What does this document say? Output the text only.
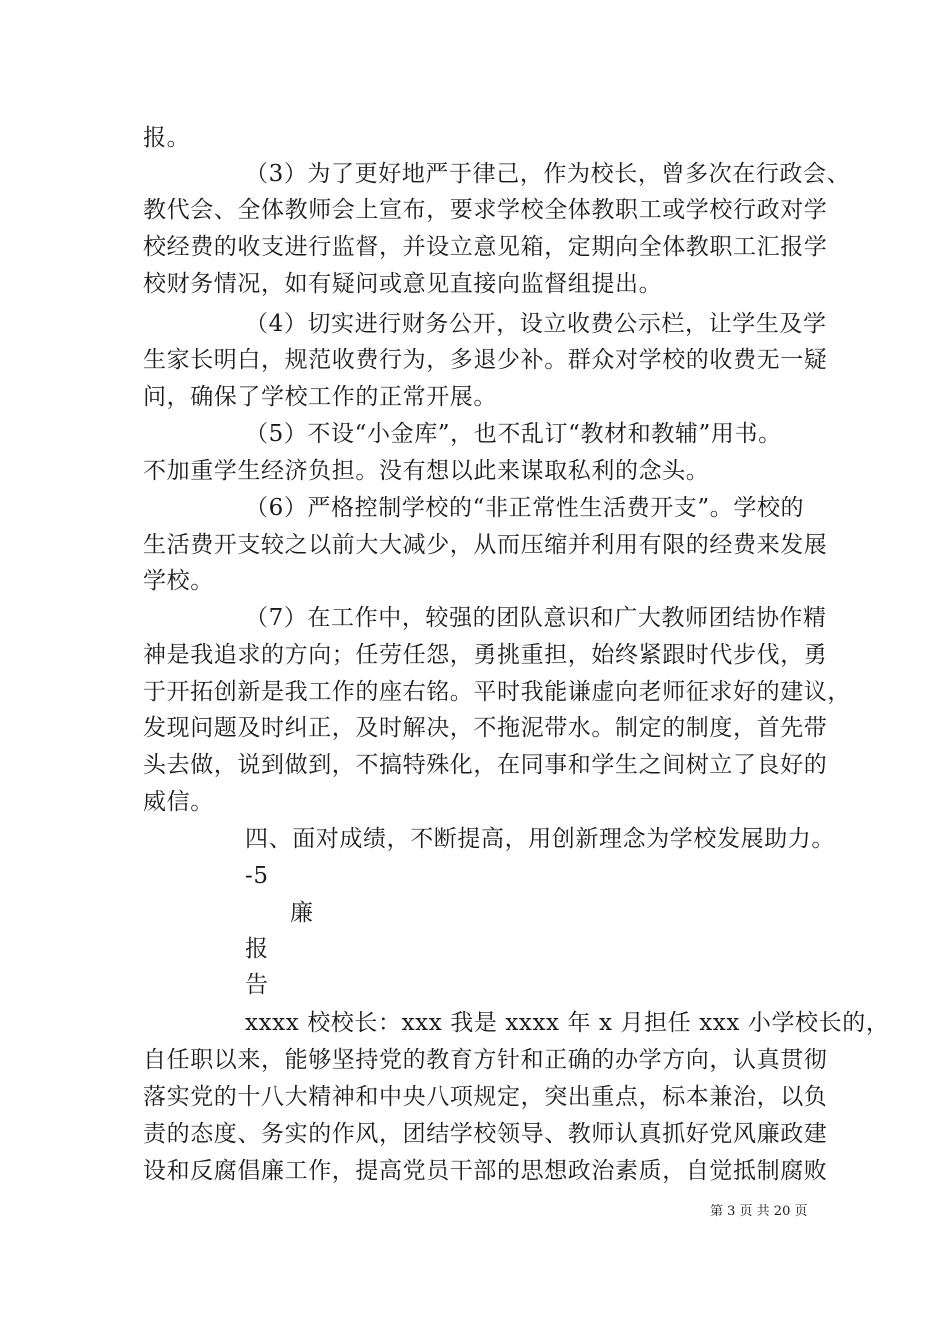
报。
（3）为了更好地严于律己，作为校长，曾多次在行政会、
教代会、全体教师会上宣布，要求学校全体教职工或学校行政对学
校经费的收支进行监督，并设立意见箱，定期向全体教职工汇报学
校财务情况，如有疑问或意见直接向监督组提出。
（4）切实进行财务公开，设立收费公示栏，让学生及学
生家长明白，规范收费行为，多退少补。群众对学校的收费无一疑
问，确保了学校工作的正常开展。
（5）不设“小金库”，也不乱订“教材和教辅”用书。
不加重学生经济负担。没有想以此来谋取私利的念头。
（6）严格控制学校的“非正常性生活费开支”。学校的
生活费开支较之以前大大减少，从而压缩并利用有限的经费来发展
学校。
（7）在工作中，较强的团队意识和广大教师团结协作精
神是我追求的方向；任劳任怨，勇挑重担，始终紧跟时代步伐，勇
于开拓创新是我工作的座右铭。平时我能谦虚向老师征求好的建议，
发现问题及时纠正，及时解决，不拖泥带水。制定的制度，首先带
头去做，说到做到，不搞特殊化，在同事和学生之间树立了良好的
威信。
四、面对成绩，不断提高，用创新理念为学校发展助力。
-5
廉
报
告
xxxx 校校长：xxx 我是 xxxx 年 x 月担任 xxx 小学校长的，
自任职以来，能够坚持党的教育方针和正确的办学方向，认真贯彻
落实党的十八大精神和中央八项规定，突出重点，标本兼治，以负
责的态度、务实的作风，团结学校领导、教师认真抓好党风廉政建
设和反腐倡廉工作，提高党员干部的思想政治素质，自觉抵制腐败
第 3 页 共 20 页
